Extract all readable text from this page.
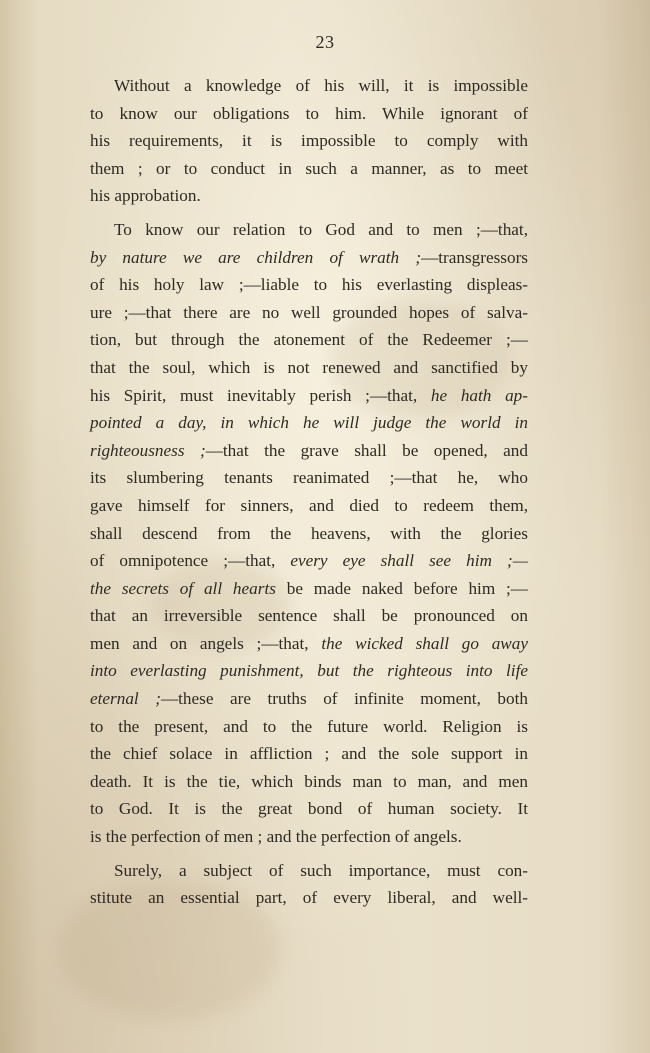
23
Without a knowledge of his will, it is impossible
to know our obligations to him. While ignorant of
his requirements, it is impossible to comply with
them ; or to conduct in such a manner, as to meet
his approbation.
To know our relation to God and to men ;—that,
by nature we are children of wrath ;—transgressors
of his holy law ;—liable to his everlasting displeas-
ure ;—that there are no well grounded hopes of salva-
tion, but through the atonement of the Redeemer ;—
that the soul, which is not renewed and sanctified by
his Spirit, must inevitably perish ;—that, he hath ap-
pointed a day, in which he will judge the world in
righteousness ;—that the grave shall be opened, and
its slumbering tenants reanimated ;—that he, who
gave himself for sinners, and died to redeem them,
shall descend from the heavens, with the glories
of omnipotence ;—that, every eye shall see him ;—
the secrets of all hearts be made naked before him ;—
that an irreversible sentence shall be pronounced on
men and on angels ;—that, the wicked shall go away
into everlasting punishment, but the righteous into life
eternal ;—these are truths of infinite moment, both
to the present, and to the future world. Religion is
the chief solace in affliction ; and the sole support in
death. It is the tie, which binds man to man, and men
to God. It is the great bond of human society. It
is the perfection of men ; and the perfection of angels.
Surely, a subject of such importance, must con-
stitute an essential part, of every liberal, and well-
